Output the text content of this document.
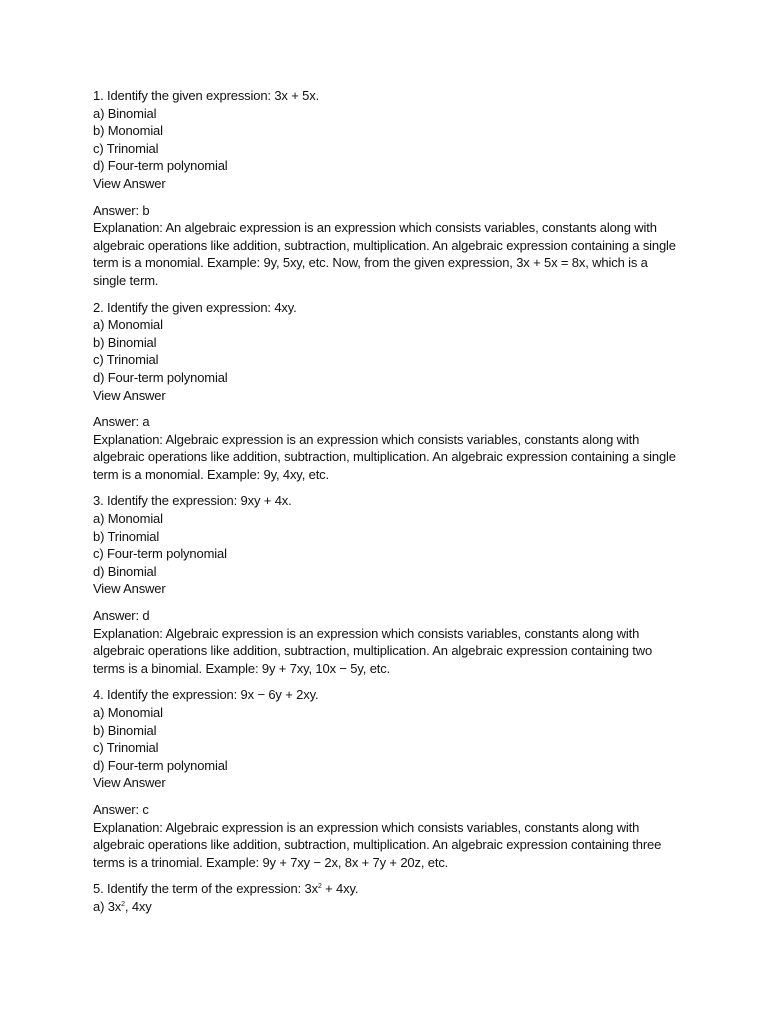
1. Identify the given expression: 3x + 5x.
a) Binomial
b) Monomial
c) Trinomial
d) Four-term polynomial
View Answer
Answer: b
Explanation: An algebraic expression is an expression which consists variables, constants along with algebraic operations like addition, subtraction, multiplication. An algebraic expression containing a single term is a monomial. Example: 9y, 5xy, etc. Now, from the given expression, 3x + 5x = 8x, which is a single term.
2. Identify the given expression: 4xy.
a) Monomial
b) Binomial
c) Trinomial
d) Four-term polynomial
View Answer
Answer: a
Explanation: Algebraic expression is an expression which consists variables, constants along with algebraic operations like addition, subtraction, multiplication. An algebraic expression containing a single term is a monomial. Example: 9y, 4xy, etc.
3. Identify the expression: 9xy + 4x.
a) Monomial
b) Trinomial
c) Four-term polynomial
d) Binomial
View Answer
Answer: d
Explanation: Algebraic expression is an expression which consists variables, constants along with algebraic operations like addition, subtraction, multiplication. An algebraic expression containing two terms is a binomial. Example: 9y + 7xy, 10x − 5y, etc.
4. Identify the expression: 9x − 6y + 2xy.
a) Monomial
b) Binomial
c) Trinomial
d) Four-term polynomial
View Answer
Answer: c
Explanation: Algebraic expression is an expression which consists variables, constants along with algebraic operations like addition, subtraction, multiplication. An algebraic expression containing three terms is a trinomial. Example: 9y + 7xy − 2x, 8x + 7y + 20z, etc.
5. Identify the term of the expression: $3x^2 + 4xy$.
a) $3x^2$, 4xy
